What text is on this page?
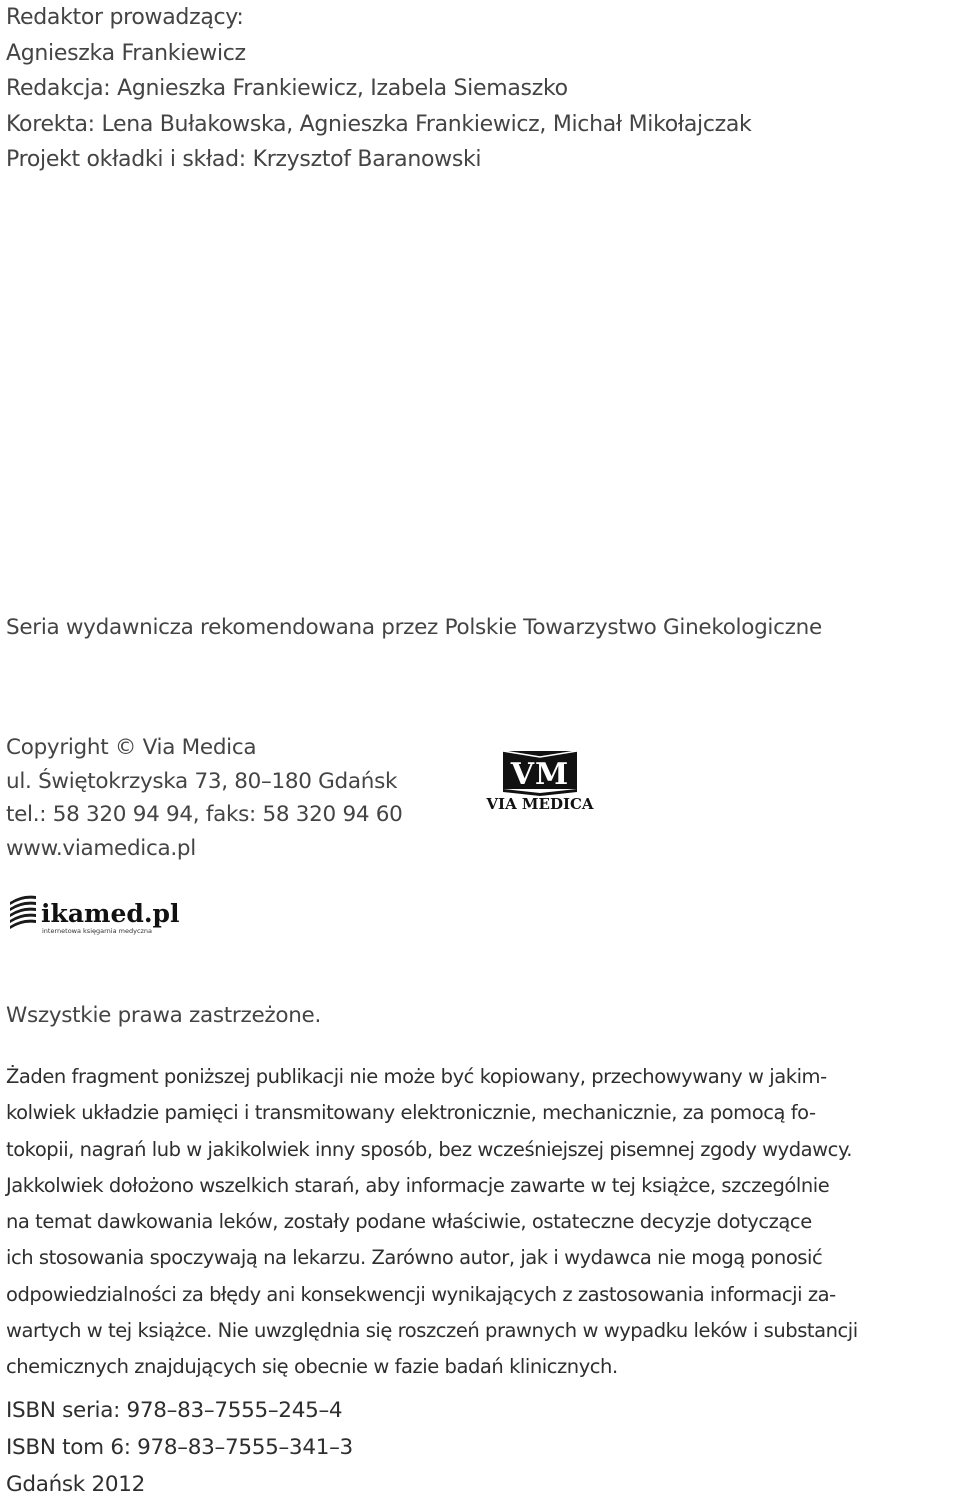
Redaktor prowadzący:
Agnieszka Frankiewicz
Redakcja: Agnieszka Frankiewicz, Izabela Siemaszko
Korekta: Lena Bułakowska, Agnieszka Frankiewicz, Michał Mikołajczak
Projekt okładki i skład: Krzysztof Baranowski
Seria wydawnicza rekomendowana przez Polskie Towarzystwo Ginekologiczne
Copyright © Via Medica
ul. Świętokrzyska 73, 80–180 Gdańsk
tel.: 58 320 94 94, faks: 58 320 94 60
www.viamedica.pl
VM
VIA MEDICA
ikamed.pl
internetowa księgarnia medyczna
Wszystkie prawa zastrzeżone.
Żaden fragment poniższej publikacji nie może być kopiowany, przechowywany w jakim-
kolwiek układzie pamięci i transmitowany elektronicznie, mechanicznie, za pomocą fo-
tokopii, nagrań lub w jakikolwiek inny sposób, bez wcześniejszej pisemnej zgody wydawcy.
Jakkolwiek dołożono wszelkich starań, aby informacje zawarte w tej książce, szczególnie
na temat dawkowania leków, zostały podane właściwie, ostateczne decyzje dotyczące
ich stosowania spoczywają na lekarzu. Zarówno autor, jak i wydawca nie mogą ponosić
odpowiedzialności za błędy ani konsekwencji wynikających z zastosowania informacji za-
wartych w tej książce. Nie uwzględnia się roszczeń prawnych w wypadku leków i substancji
chemicznych znajdujących się obecnie w fazie badań klinicznych.
ISBN seria: 978–83–7555–245–4
ISBN tom 6: 978–83–7555–341–3
Gdańsk 2012
